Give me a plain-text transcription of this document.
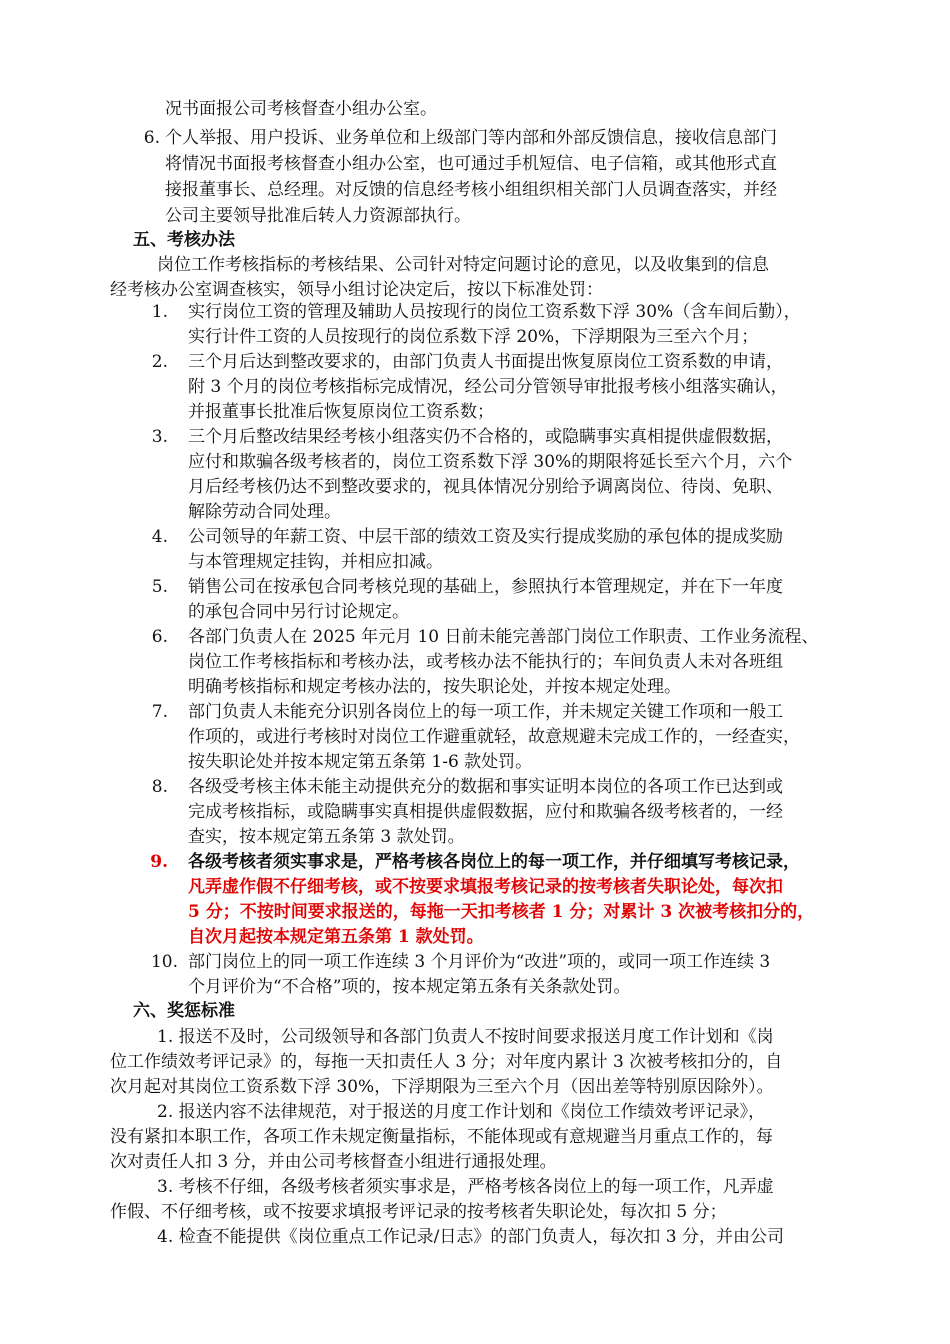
况书面报公司考核督查小组办公室。
6. 个人举报、用户投诉、业务单位和上级部门等内部和外部反馈信息，接收信息部门
将情况书面报考核督查小组办公室，也可通过手机短信、电子信箱，或其他形式直
接报董事长、总经理。对反馈的信息经考核小组组织相关部门人员调查落实，并经
公司主要领导批准后转人力资源部执行。
五、考核办法
岗位工作考核指标的考核结果、公司针对特定问题讨论的意见，以及收集到的信息
经考核办公室调查核实，领导小组讨论决定后，按以下标准处罚：
1. 实行岗位工资的管理及辅助人员按现行的岗位工资系数下浮 30%（含车间后勤），
实行计件工资的人员按现行的岗位系数下浮 20%，下浮期限为三至六个月；
2. 三个月后达到整改要求的，由部门负责人书面提出恢复原岗位工资系数的申请，
附 3 个月的岗位考核指标完成情况，经公司分管领导审批报考核小组落实确认，
并报董事长批准后恢复原岗位工资系数；
3. 三个月后整改结果经考核小组落实仍不合格的，或隐瞒事实真相提供虚假数据，
应付和欺骗各级考核者的，岗位工资系数下浮 30%的期限将延长至六个月，六个
月后经考核仍达不到整改要求的，视具体情况分别给予调离岗位、待岗、免职、
解除劳动合同处理。
4. 公司领导的年薪工资、中层干部的绩效工资及实行提成奖励的承包体的提成奖励
与本管理规定挂钩，并相应扣减。
5. 销售公司在按承包合同考核兑现的基础上，参照执行本管理规定，并在下一年度
的承包合同中另行讨论规定。
6. 各部门负责人在 2025 年元月 10 日前未能完善部门岗位工作职责、工作业务流程、
岗位工作考核指标和考核办法，或考核办法不能执行的；车间负责人未对各班组
明确考核指标和规定考核办法的，按失职论处，并按本规定处理。
7. 部门负责人未能充分识别各岗位上的每一项工作，并未规定关键工作项和一般工
作项的，或进行考核时对岗位工作避重就轻，故意规避未完成工作的，一经查实，
按失职论处并按本规定第五条第 1-6 款处罚。
8. 各级受考核主体未能主动提供充分的数据和事实证明本岗位的各项工作已达到或
完成考核指标，或隐瞒事实真相提供虚假数据，应付和欺骗各级考核者的，一经
查实，按本规定第五条第 3 款处罚。
9. 各级考核者须实事求是，严格考核各岗位上的每一项工作，并仔细填写考核记录，
凡弄虚作假不仔细考核，或不按要求填报考核记录的按考核者失职论处，每次扣
5 分；不按时间要求报送的，每拖一天扣考核者 1 分；对累计 3 次被考核扣分的，
自次月起按本规定第五条第 1 款处罚。
10. 部门岗位上的同一项工作连续 3 个月评价为“改进”项的，或同一项工作连续 3
个月评价为“不合格”项的，按本规定第五条有关条款处罚。
六、奖惩标准
1. 报送不及时，公司级领导和各部门负责人不按时间要求报送月度工作计划和《岗
位工作绩效考评记录》的，每拖一天扣责任人 3 分；对年度内累计 3 次被考核扣分的，自
次月起对其岗位工资系数下浮 30%，下浮期限为三至六个月（因出差等特别原因除外）。
2. 报送内容不法律规范，对于报送的月度工作计划和《岗位工作绩效考评记录》，
没有紧扣本职工作，各项工作未规定衡量指标，不能体现或有意规避当月重点工作的，每
次对责任人扣 3 分，并由公司考核督查小组进行通报处理。
3. 考核不仔细，各级考核者须实事求是，严格考核各岗位上的每一项工作，凡弄虚
作假、不仔细考核，或不按要求填报考评记录的按考核者失职论处，每次扣 5 分；
4. 检查不能提供《岗位重点工作记录/日志》的部门负责人，每次扣 3 分，并由公司
